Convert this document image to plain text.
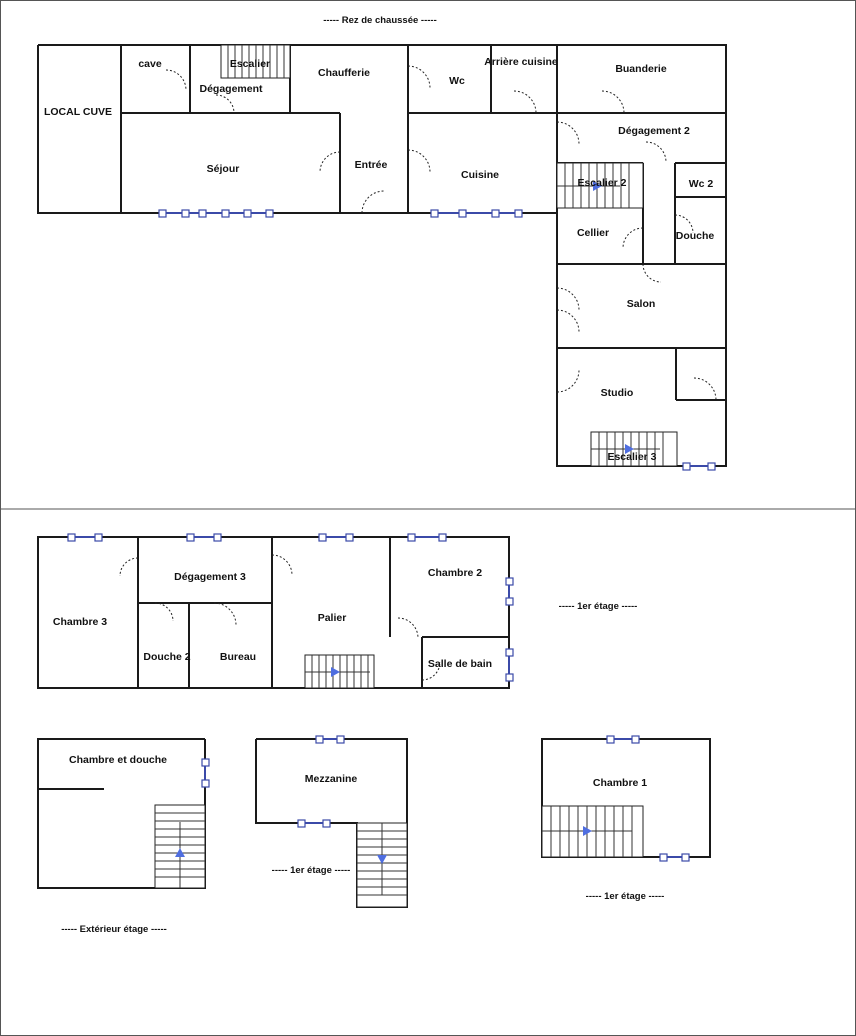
----- Rez de chaussée -----
LOCAL CUVE
cave	Escalier
Dégagement
Chaufferie
Wc
Arrière cuisine
Buanderie
Dégagement 2
Séjour	Entrée
Cuisine
Escalier 2	Wc 2
Cellier	Douche
Salon
Studio
Escalier 3
Chambre 3
Dégagement 3
Douche 2	Bureau
Palier
Chambre 2
Salle de bain
----- 1er étage -----
Chambre et douche
----- Extérieur étage -----
Mezzanine
----- 1er étage -----
Chambre 1
----- 1er étage -----
